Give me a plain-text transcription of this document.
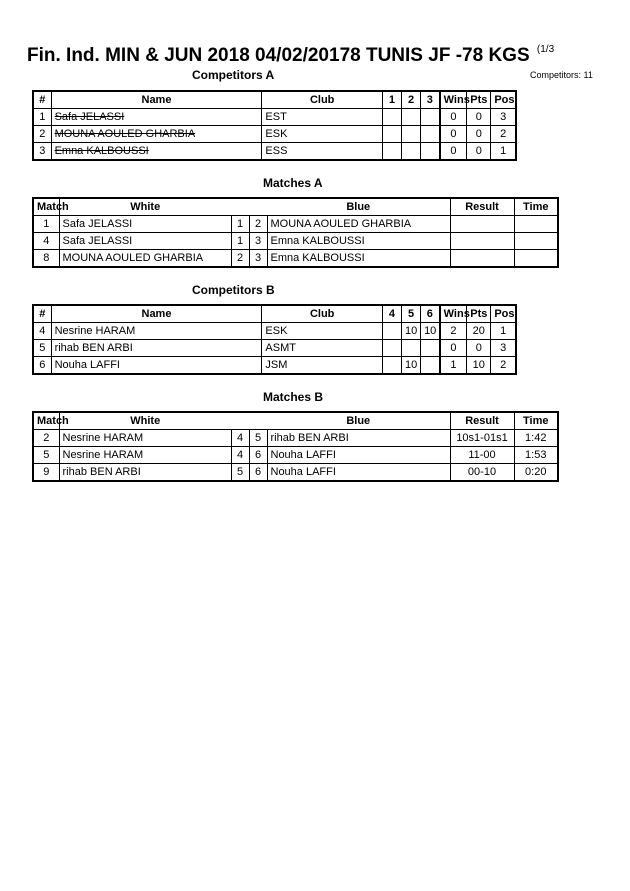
Fin. Ind. MIN & JUN 2018 04/02/20178 TUNIS JF -78 KGS $^{(1/3}$
Competitors A	Competitors: 11
#	Name	Club	1	2	3	Wins	Pts	Pos
1	Safa JELASSI	EST				0	0	3
2	MOUNA AOULED GHARBIA	ESK				0	0	2
3	Emna KALBOUSSI	ESS				0	0	1
Matches A
Match	White			Blue	Result	Time
1	Safa JELASSI	1	2	MOUNA AOULED GHARBIA		
4	Safa JELASSI	1	3	Emna KALBOUSSI		
8	MOUNA AOULED GHARBIA	2	3	Emna KALBOUSSI		
Competitors B
#	Name	Club	4	5	6	Wins	Pts	Pos
4	Nesrine HARAM	ESK		10	10	2	20	1
5	rihab BEN ARBI	ASMT				0	0	3
6	Nouha LAFFI	JSM		10		1	10	2
Matches B
Match	White			Blue	Result	Time
2	Nesrine HARAM	4	5	rihab BEN ARBI	10s1-01s1	1:42
5	Nesrine HARAM	4	6	Nouha LAFFI	11-00	1:53
9	rihab BEN ARBI	5	6	Nouha LAFFI	00-10	0:20
